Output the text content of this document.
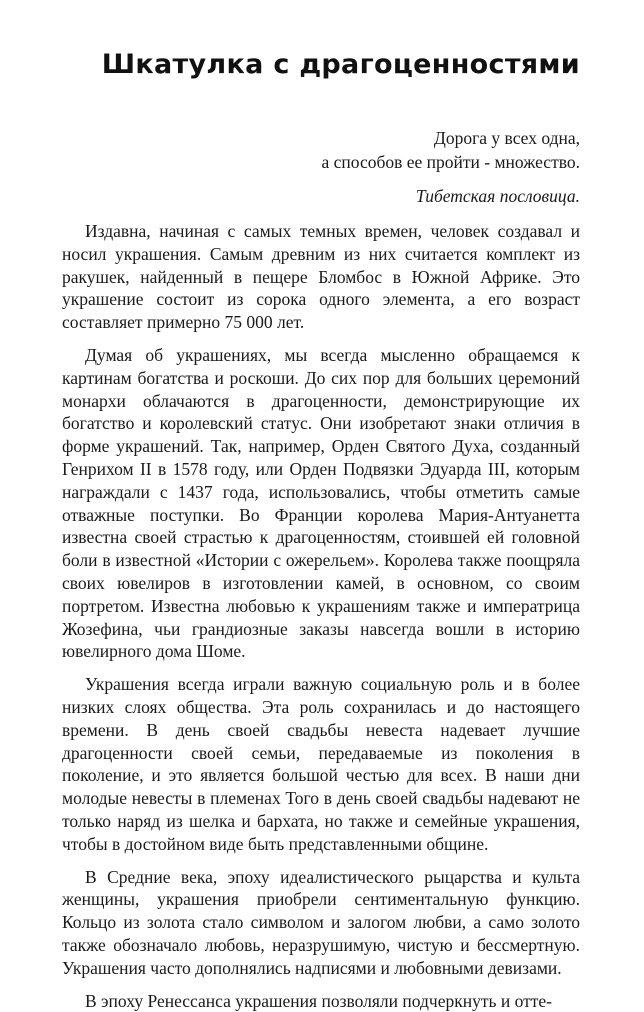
Шкатулка с драгоценностями
Дорога у всех одна,
а способов ее пройти - множество.
Тибетская пословица.

Издавна, начиная с самых темных времен, человек создавал и носил украшения. Самым древним из них считается комплект из ракушек, найденный в пещере Бломбос в Южной Африке. Это украшение состоит из сорока одного элемента, а его возраст составляет примерно 75 000 лет.

Думая об украшениях, мы всегда мысленно обращаемся к картинам богатства и роскоши. До сих пор для больших церемоний монархи облачаются в драгоценности, демонстрирующие их богатство и королевский статус. Они изобретают знаки отличия в форме украшений. Так, например, Орден Святого Духа, созданный Генрихом II в 1578 году, или Орден Подвязки Эдуарда III, которым награждали с 1437 года, использовались, чтобы отметить самые отважные поступки. Во Франции королева Мария-Антуанетта известна своей страстью к драгоценностям, стоившей ей головной боли в известной «Истории с ожерельем». Королева также поощряла своих ювелиров в изготовлении камей, в основном, со своим портретом. Известна любовью к украшениям также и императрица Жозефина, чьи грандиозные заказы навсегда вошли в историю ювелирного дома Шоме.

Украшения всегда играли важную социальную роль и в более низких слоях общества. Эта роль сохранилась и до настоящего времени. В день своей свадьбы невеста надевает лучшие драгоценности своей семьи, передаваемые из поколения в поколение, и это является большой честью для всех. В наши дни молодые невесты в племенах Того в день своей свадьбы надевают не только наряд из шелка и бархата, но также и семейные украшения, чтобы в достойном виде быть представленными общине.

В Средние века, эпоху идеалистического рыцарства и культа женщины, украшения приобрели сентиментальную функцию. Кольцо из золота стало символом и залогом любви, а само золото также обозначало любовь, неразрушимую, чистую и бессмертную. Украшения часто дополнялись надписями и любовными девизами.

В эпоху Ренессанса украшения позволяли подчеркнуть и отте-
